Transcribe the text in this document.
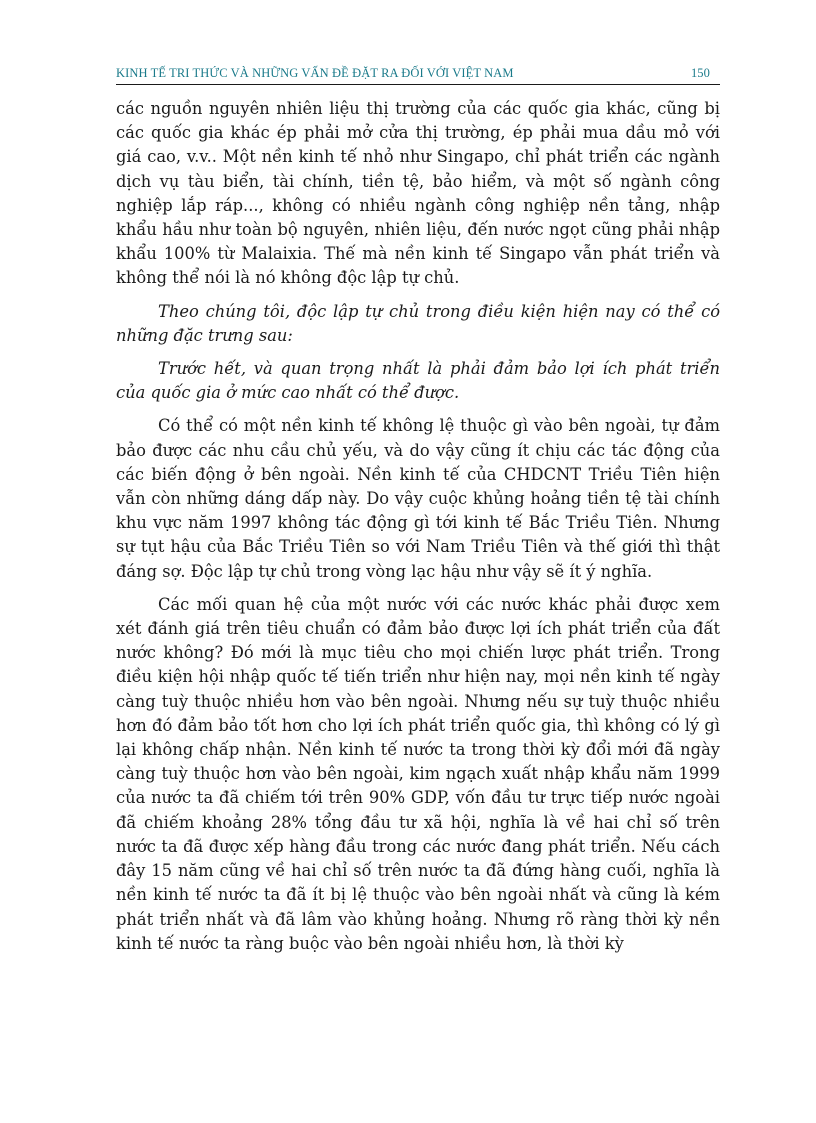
KINH TẾ TRI THỨC VÀ NHỮNG VẤN ĐỀ ĐẶT RA ĐỐI VỚI VIỆT NAM	150

các nguồn nguyên nhiên liệu thị trường của các quốc gia khác, cũng bị các quốc gia khác ép phải mở cửa thị trường, ép phải mua dầu mỏ với giá cao, v.v.. Một nền kinh tế nhỏ như Singapo, chỉ phát triển các ngành dịch vụ tàu biển, tài chính, tiền tệ, bảo hiểm, và một số ngành công nghiệp lắp ráp..., không có nhiều ngành công nghiệp nền tảng, nhập khẩu hầu như toàn bộ nguyên, nhiên liệu, đến nước ngọt cũng phải nhập khẩu 100% từ Malaixia. Thế mà nền kinh tế Singapo vẫn phát triển và không thể nói là nó không độc lập tự chủ.

Theo chúng tôi, độc lập tự chủ trong điều kiện hiện nay có thể có những đặc trưng sau:

Trước hết, và quan trọng nhất là phải đảm bảo lợi ích phát triển của quốc gia ở mức cao nhất có thể được.

Có thể có một nền kinh tế không lệ thuộc gì vào bên ngoài, tự đảm bảo được các nhu cầu chủ yếu, và do vậy cũng ít chịu các tác động của các biến động ở bên ngoài. Nền kinh tế của CHDCNT Triều Tiên hiện vẫn còn những dáng dấp này. Do vậy cuộc khủng hoảng tiền tệ tài chính khu vực năm 1997 không tác động gì tới kinh tế Bắc Triều Tiên. Nhưng sự tụt hậu của Bắc Triều Tiên so với Nam Triều Tiên và thế giới thì thật đáng sợ. Độc lập tự chủ trong vòng lạc hậu như vậy sẽ ít ý nghĩa.

Các mối quan hệ của một nước với các nước khác phải được xem xét đánh giá trên tiêu chuẩn có đảm bảo được lợi ích phát triển của đất nước không? Đó mới là mục tiêu cho mọi chiến lược phát triển. Trong điều kiện hội nhập quốc tế tiến triển như hiện nay, mọi nền kinh tế ngày càng tuỳ thuộc nhiều hơn vào bên ngoài. Nhưng nếu sự tuỳ thuộc nhiều hơn đó đảm bảo tốt hơn cho lợi ích phát triển quốc gia, thì không có lý gì lại không chấp nhận. Nền kinh tế nước ta trong thời kỳ đổi mới đã ngày càng tuỳ thuộc hơn vào bên ngoài, kim ngạch xuất nhập khẩu năm 1999 của nước ta đã chiếm tới trên 90% GDP, vốn đầu tư trực tiếp nước ngoài đã chiếm khoảng 28% tổng đầu tư xã hội, nghĩa là về hai chỉ số trên nước ta đã được xếp hàng đầu trong các nước đang phát triển. Nếu cách đây 15 năm cũng về hai chỉ số trên nước ta đã đứng hàng cuối, nghĩa là nền kinh tế nước ta đã ít bị lệ thuộc vào bên ngoài nhất và cũng là kém phát triển nhất và đã lâm vào khủng hoảng. Nhưng rõ ràng thời kỳ nền kinh tế nước ta ràng buộc vào bên ngoài nhiều hơn, là thời kỳ
